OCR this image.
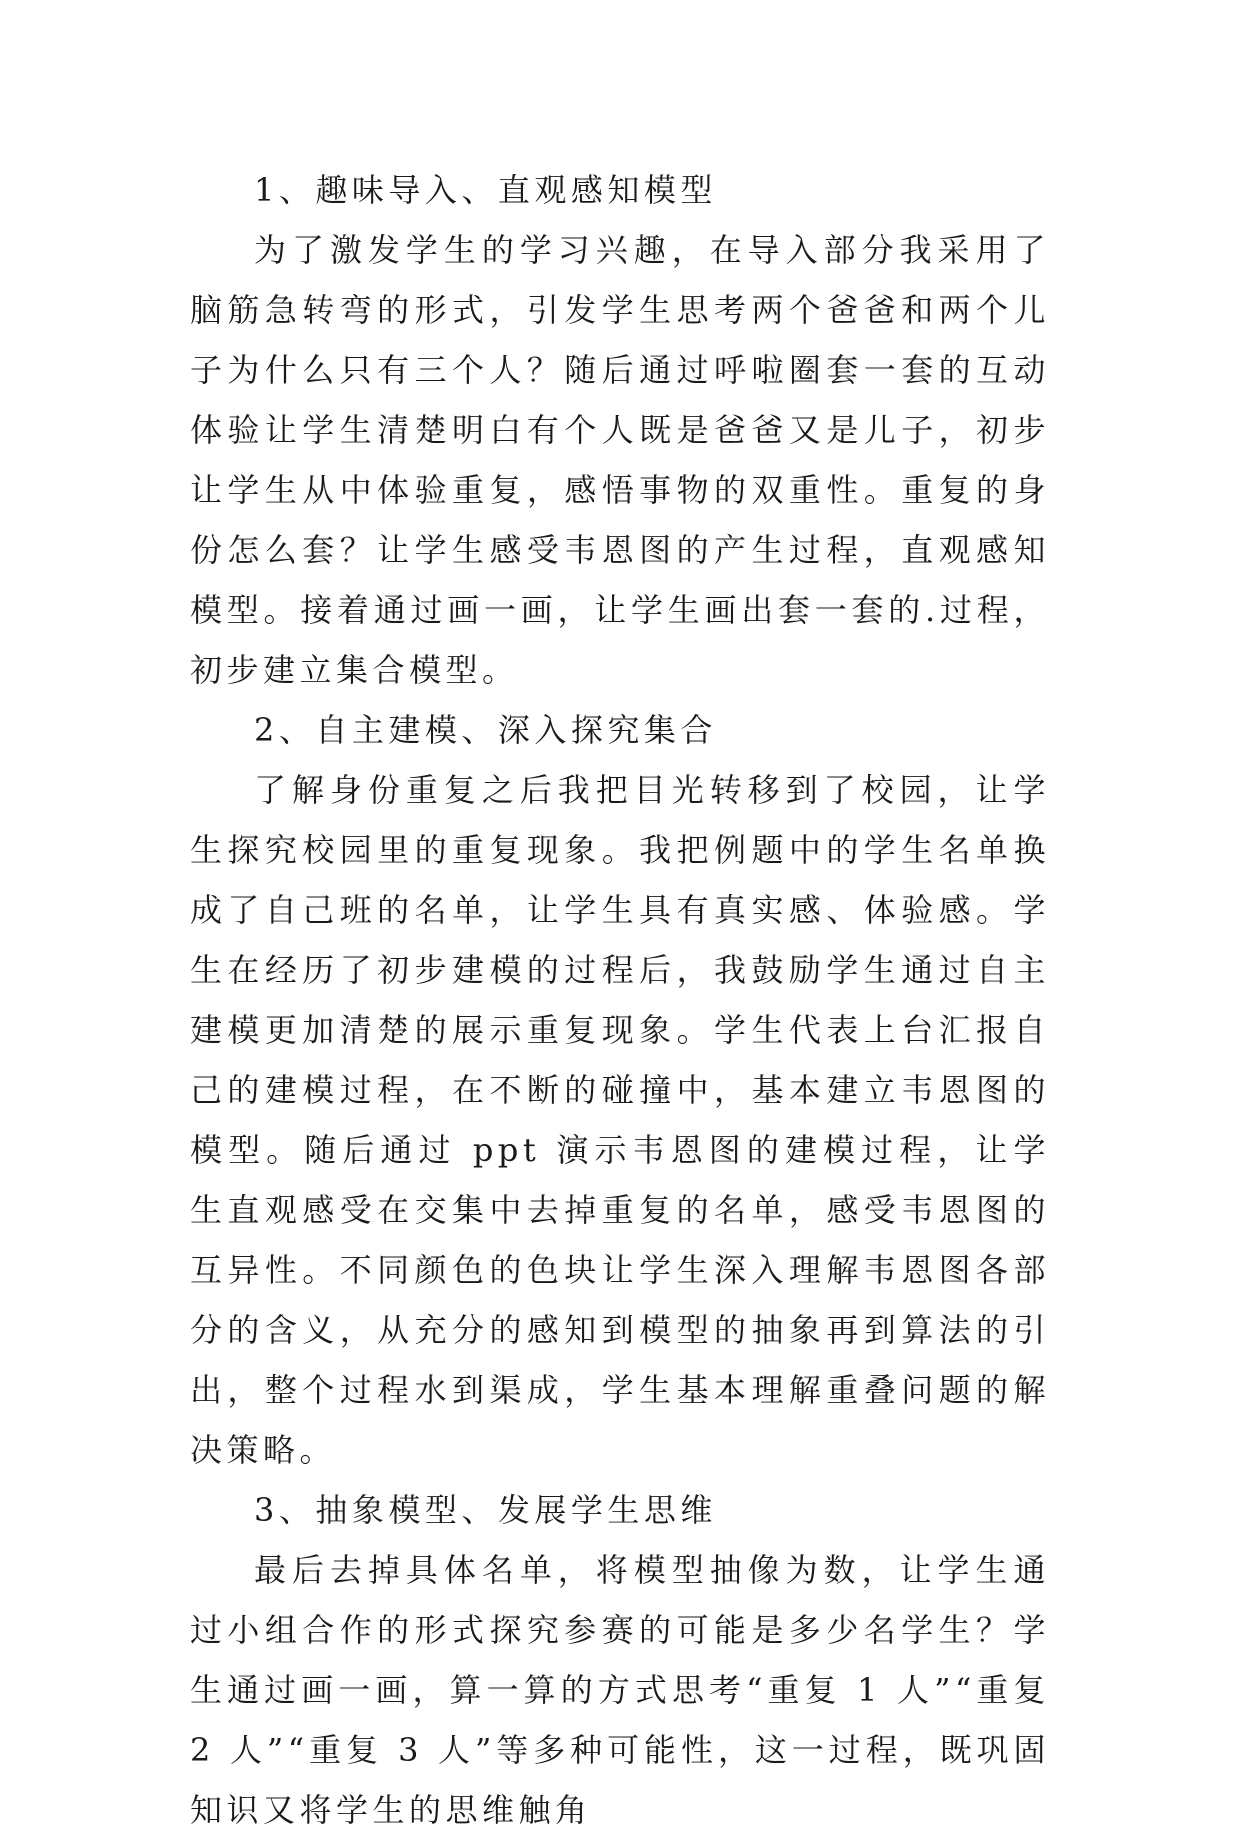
1、趣味导入、直观感知模型

为了激发学生的学习兴趣，在导入部分我采用了脑筋急转弯的形式，引发学生思考两个爸爸和两个儿子为什么只有三个人？随后通过呼啦圈套一套的互动体验让学生清楚明白有个人既是爸爸又是儿子，初步让学生从中体验重复，感悟事物的双重性。重复的身份怎么套？让学生感受韦恩图的产生过程，直观感知模型。接着通过画一画，让学生画出套一套的.过程，初步建立集合模型。

2、自主建模、深入探究集合

了解身份重复之后我把目光转移到了校园，让学生探究校园里的重复现象。我把例题中的学生名单换成了自己班的名单，让学生具有真实感、体验感。学生在经历了初步建模的过程后，我鼓励学生通过自主建模更加清楚的展示重复现象。学生代表上台汇报自己的建模过程，在不断的碰撞中，基本建立韦恩图的模型。随后通过 ppt 演示韦恩图的建模过程，让学生直观感受在交集中去掉重复的名单，感受韦恩图的互异性。不同颜色的色块让学生深入理解韦恩图各部分的含义，从充分的感知到模型的抽象再到算法的引出，整个过程水到渠成，学生基本理解重叠问题的解决策略。

3、抽象模型、发展学生思维

最后去掉具体名单，将模型抽像为数，让学生通过小组合作的形式探究参赛的可能是多少名学生？学生通过画一画，算一算的方式思考“重复 1 人”“重复 2 人”“重复 3 人”等多种可能性，这一过程，既巩固知识又将学生的思维触角
